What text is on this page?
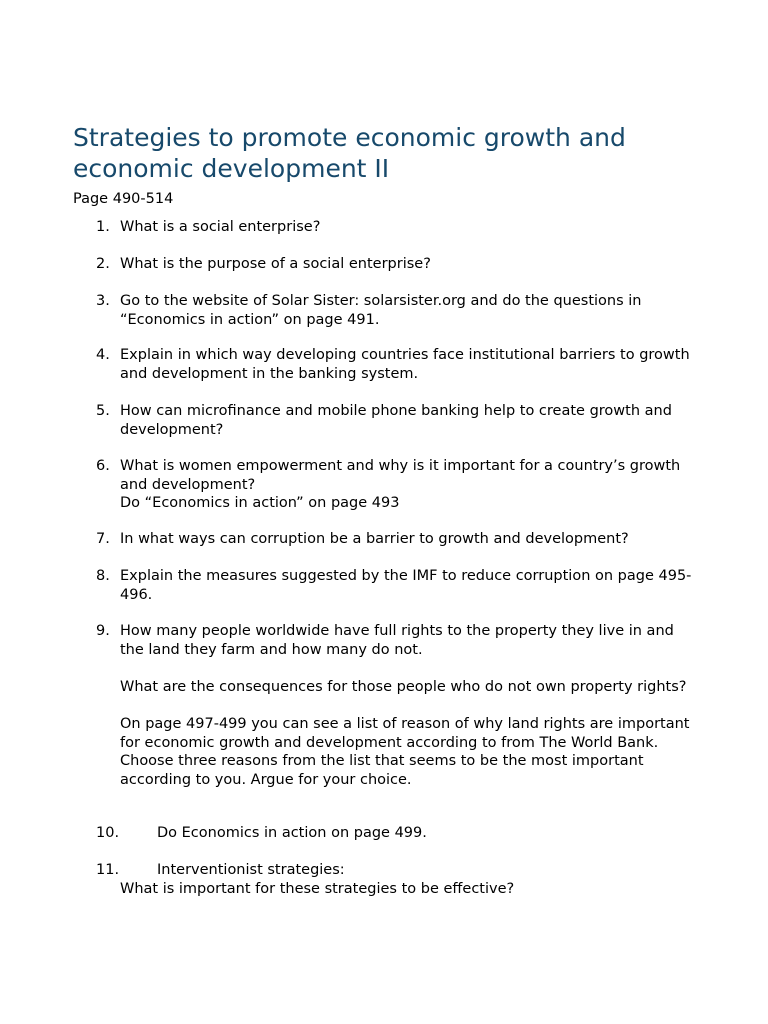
Strategies to promote economic growth and economic development II

Page 490-514

1. What is a social enterprise?
2. What is the purpose of a social enterprise?
3. Go to the website of Solar Sister: solarsister.org and do the questions in “Economics in action” on page 491.
4. Explain in which way developing countries face institutional barriers to growth and development in the banking system.
5. How can microfinance and mobile phone banking help to create growth and development?
6. What is women empowerment and why is it important for a country’s growth and development?

Do “Economics in action” on page 493

7. In what ways can corruption be a barrier to growth and development?
8. Explain the measures suggested by the IMF to reduce corruption on page 495-496.
9. How many people worldwide have full rights to the property they live in and the land they farm and how many do not.

What are the consequences for those people who do not own property rights?

On page 497-499 you can see a list of reason of why land rights are important for economic growth and development according to from The World Bank. Choose three reasons from the list that seems to be the most important according to you. Argue for your choice.

10.	Do Economics in action on page 499.
11.	Interventionist strategies:
What is important for these strategies to be effective?
